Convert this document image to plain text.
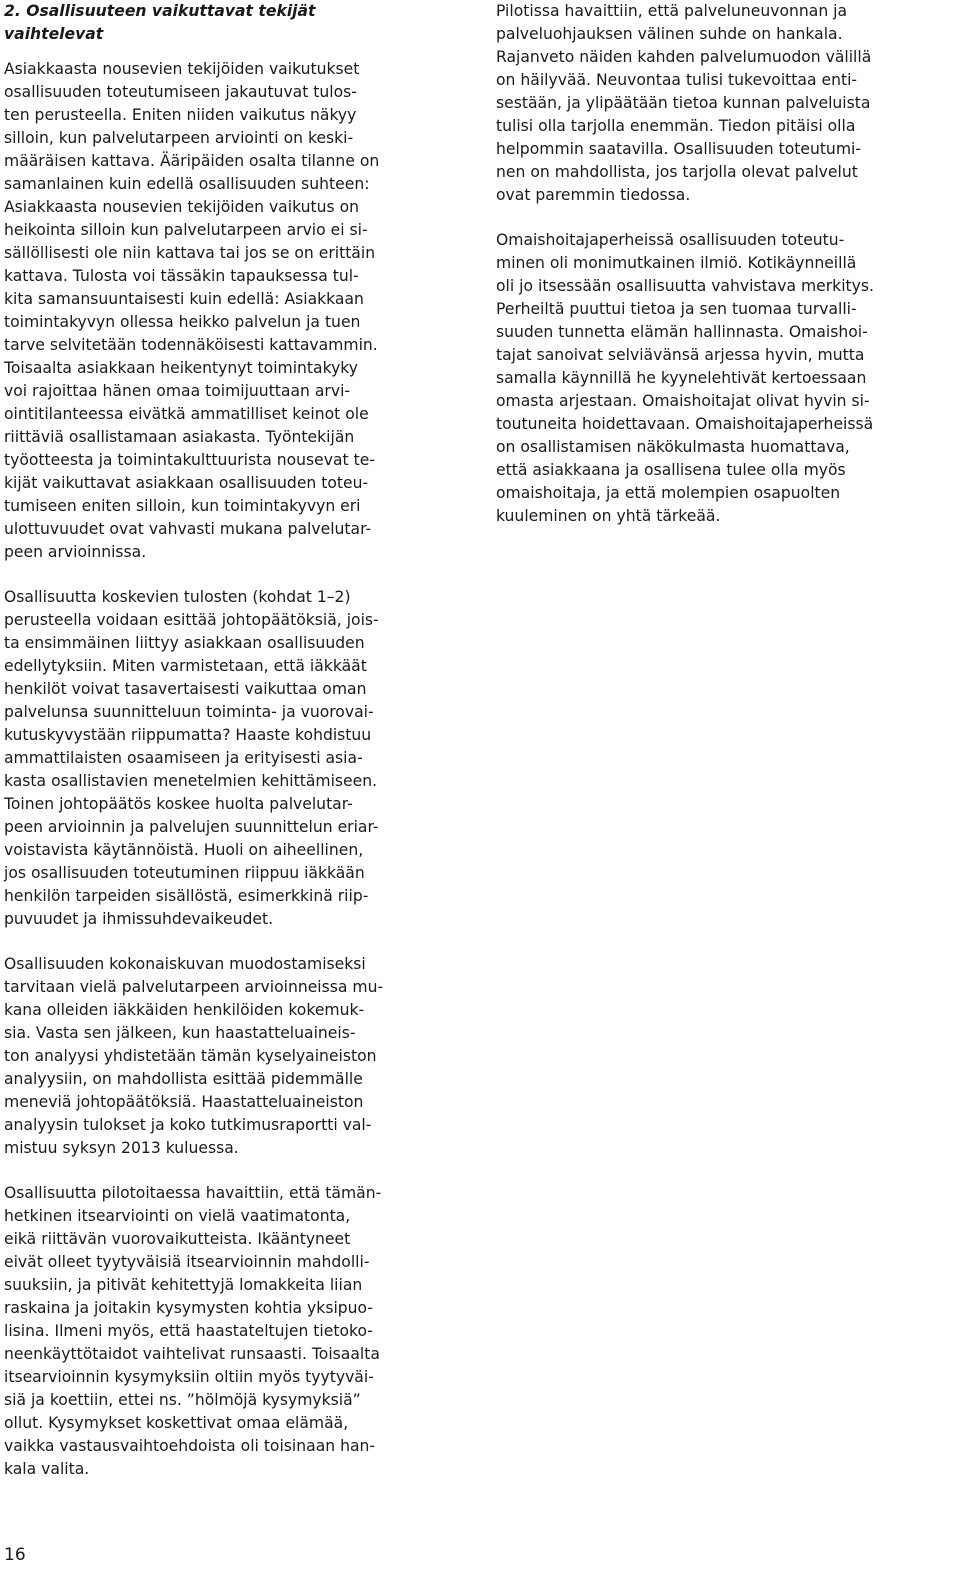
2. Osallisuuteen vaikuttavat tekijät
vaihtelevat

Asiakkaasta nousevien tekijöiden vaikutukset
osallisuuden toteutumiseen jakautuvat tulos-
ten perusteella. Eniten niiden vaikutus näkyy
silloin, kun palvelutarpeen arviointi on keski-
määräisen kattava. Ääripäiden osalta tilanne on
samanlainen kuin edellä osallisuuden suhteen:
Asiakkaasta nousevien tekijöiden vaikutus on
heikointa silloin kun palvelutarpeen arvio ei si-
sällöllisesti ole niin kattava tai jos se on erittäin
kattava. Tulosta voi tässäkin tapauksessa tul-
kita samansuuntaisesti kuin edellä: Asiakkaan
toimintakyvyn ollessa heikko palvelun ja tuen
tarve selvitetään todennäköisesti kattavammin.
Toisaalta asiakkaan heikentynyt toimintakyky
voi rajoittaa hänen omaa toimijuuttaan arvi-
ointitilanteessa eivätkä ammatilliset keinot ole
riittäviä osallistamaan asiakasta. Työntekijän
työotteesta ja toimintakulttuurista nousevat te-
kijät vaikuttavat asiakkaan osallisuuden toteu-
tumiseen eniten silloin, kun toimintakyvyn eri
ulottuvuudet ovat vahvasti mukana palvelutar-
peen arvioinnissa.

Osallisuutta koskevien tulosten (kohdat 1–2)
perusteella voidaan esittää johtopäätöksiä, jois-
ta ensimmäinen liittyy asiakkaan osallisuuden
edellytyksiin. Miten varmistetaan, että iäkkäät
henkilöt voivat tasavertaisesti vaikuttaa oman
palvelunsa suunnitteluun toiminta- ja vuorovai-
kutuskyvystään riippumatta? Haaste kohdistuu
ammattilaisten osaamiseen ja erityisesti asia-
kasta osallistavien menetelmien kehittämiseen.
Toinen johtopäätös koskee huolta palvelutar-
peen arvioinnin ja palvelujen suunnittelun eriar-
voistavista käytännöistä. Huoli on aiheellinen,
jos osallisuuden toteutuminen riippuu iäkkään
henkilön tarpeiden sisällöstä, esimerkkinä riip-
puvuudet ja ihmissuhdevaikeudet.

Osallisuuden kokonaiskuvan muodostamiseksi
tarvitaan vielä palvelutarpeen arvioinneissa mu-
kana olleiden iäkkäiden henkilöiden kokemuk-
sia. Vasta sen jälkeen, kun haastatteluaineis-
ton analyysi yhdistetään tämän kyselyaineiston
analyysiin, on mahdollista esittää pidemmälle
meneviä johtopäätöksiä. Haastatteluaineiston
analyysin tulokset ja koko tutkimusraportti val-
mistuu syksyn 2013 kuluessa.

Osallisuutta pilotoitaessa havaittiin, että tämän-
hetkinen itsearviointi on vielä vaatimatonta,
eikä riittävän vuorovaikutteista. Ikääntyneet
eivät olleet tyytyväisiä itsearvioinnin mahdolli-
suuksiin, ja pitivät kehitettyjä lomakkeita liian
raskaina ja joitakin kysymysten kohtia yksipuo-
lisina. Ilmeni myös, että haastateltujen tietoko-
neenkäyttötaidot vaihtelivat runsaasti. Toisaalta
itsearvioinnin kysymyksiin oltiin myös tyytyväi-
siä ja koettiin, ettei ns. ”hölmöjä kysymyksiä”
ollut. Kysymykset koskettivat omaa elämää,
vaikka vastausvaihtoehdoista oli toisinaan han-
kala valita.

Pilotissa havaittiin, että palveluneuvonnan ja
palveluohjauksen välinen suhde on hankala.
Rajanveto näiden kahden palvelumuodon välillä
on häilyvää. Neuvontaa tulisi tukevoittaa enti-
sestään, ja ylipäätään tietoa kunnan palveluista
tulisi olla tarjolla enemmän. Tiedon pitäisi olla
helpommin saatavilla. Osallisuuden toteutumi-
nen on mahdollista, jos tarjolla olevat palvelut
ovat paremmin tiedossa.

Omaishoitajaperheissä osallisuuden toteutu-
minen oli monimutkainen ilmiö. Kotikäynneillä
oli jo itsessään osallisuutta vahvistava merkitys.
Perheiltä puuttui tietoa ja sen tuomaa turvalli-
suuden tunnetta elämän hallinnasta. Omaishoi-
tajat sanoivat selviävänsä arjessa hyvin, mutta
samalla käynnillä he kyynelehtivät kertoessaan
omasta arjestaan. Omaishoitajat olivat hyvin si-
toutuneita hoidettavaan. Omaishoitajaperheissä
on osallistamisen näkökulmasta huomattava,
että asiakkaana ja osallisena tulee olla myös
omaishoitaja, ja että molempien osapuolten
kuuleminen on yhtä tärkeää.

16
